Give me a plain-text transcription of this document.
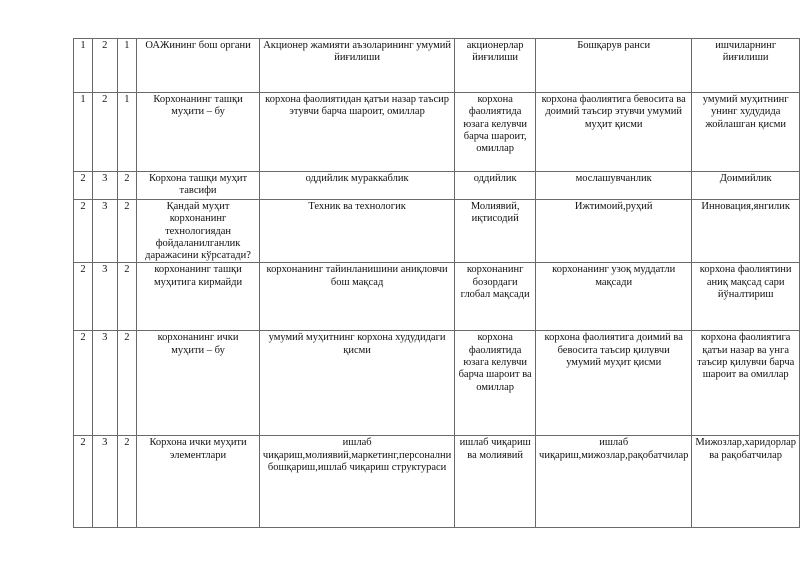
1	2	1	ОАЖининг бош органи	Акционер жамияти аъзоларининг умумий йиғилиши	акционерлар йиғилиши	Бошқарув ранси	ишчиларнинг йиғилиши
1	2	1	Корхонанинг ташқи муҳити – бу	корхона фаолиятидан қатъи назар таъсир этувчи барча шароит, омиллар	корхона фаолиятида юзага келувчи барча шароит, омиллар	корхона фаолиятига бевосита ва доимий таъсир этувчи умумий муҳит қисми	умумий муҳитнинг унинг худудида жойлашган қисми
2	3	2	Корхона ташқи муҳит тавсифи	оддийлик мураккаблик	оддийлик	мослашувчанлик	Доимийлик
2	3	2	Қандай муҳит корхонанинг технологиядан фойдаланилганлик даражасини кўрсатади?	Техник ва технологик	Молиявий, иқтисодий	Ижтимоий,руҳий	Инновация,янгилик
2	3	2	корхонанинг ташқи муҳитига кирмайди	корхонанинг тайинланишини аниқловчи бош мақсад	корхонанинг бозордаги глобал мақсади	корхонанинг узоқ муддатли мақсади	корхона фаолиятини аниқ мақсад сари йўналтириш
2	3	2	корхонанинг ички муҳити – бу	умумий муҳитнинг корхона худудидаги қисми	корхона фаолиятида юзага келувчи барча шароит ва омиллар	корхона фаолиятига доимий ва бевосита таъсир қилувчи умумий муҳит қисми	корхона фаолиятига қатъи назар ва унга таъсир қилувчи барча шароит ва омиллар
2	3	2	Корхона ички муҳити элементлари	ишлаб чиқариш,молиявий,маркетинг,персонални бошқариш,ишлаб чиқариш структураси	ишлаб чиқариш ва молиявий	ишлаб чиқариш,мижозлар,рақобатчилар	Мижозлар,хаpидорлар ва рақобатчилар
